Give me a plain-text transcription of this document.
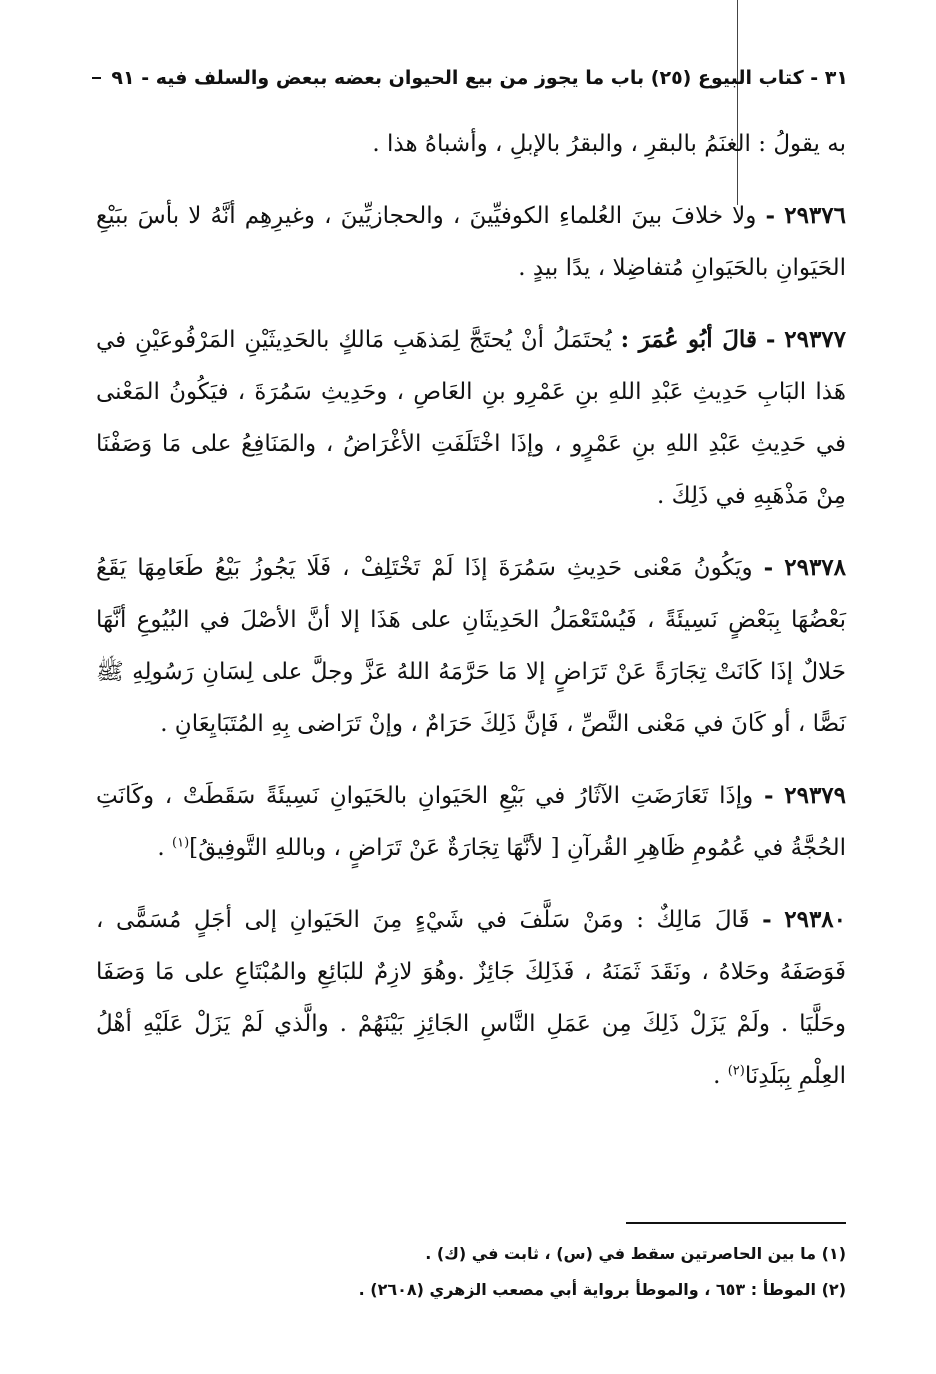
٣١ - كتاب البيوع (٢٥) باب ما يجوز من بيع الحيوان بعضه ببعض والسلف فيه - ٩١

به يقولُ : الغنَمُ بالبقرِ ، والبقرُ بالإبلِ ، وأشباهُ هذا .

٢٩٣٧٦ - ولا خلافَ بينَ العُلماءِ الكوفيِّينَ ، والحجازيِّينَ ، وغيرِهِم أنَّهُ لا بأسَ ببَيْعِ الحَيَوانِ بالحَيَوانِ مُتفاضِلا ، يدًا بيدٍ .

٢٩٣٧٧ - قالَ أبُو عُمَرَ : يُحتَمَلُ أنْ يُحتَجَّ لِمَذهَبِ مَالكٍ بالحَدِيثَيْنِ المَرْفُوعَيْنِ في هَذا البَابِ حَدِيثِ عَبْدِ اللهِ بنِ عَمْرِو بنِ العَاصِ ، وحَدِيثِ سَمُرَةَ ، فيَكُونُ المَعْنى في حَدِيثِ عَبْدِ اللهِ بنِ عَمْرٍو ، وإذَا اخْتَلَفَتِ الأغْرَاضُ ، والمَنَافِعُ على مَا وَصَفْنَا مِنْ مَذْهَبِهِ في ذَلِكَ .

٢٩٣٧٨ - ويَكُونُ مَعْنى حَدِيثِ سَمُرَةَ إذَا لَمْ تَخْتَلِفْ ، فَلَا يَجُوزُ بَيْعُ طَعَامِهَا يَقَعُ بَعْضُهَا بِبَعْضٍ نَسِيئَةً ، فَيُسْتَعْمَلُ الحَدِيثَانِ على هَذَا إلا أنَّ الأصْلَ في البُيُوعِ أنَّهَا حَلالٌ إذَا كَانَتْ تِجَارَةً عَنْ تَرَاضٍ إلا مَا حَرَّمَهُ اللهُ عَزَّ وجلَّ على لِسَانِ رَسُولِهِ ﷺ نَصًّا ، أو كَانَ في مَعْنى النَّصِّ ، فَإنَّ ذَلِكَ حَرَامٌ ، وإنْ تَرَاضى بِهِ المُتَبَايِعَانِ .

٢٩٣٧٩ - وإذَا تَعَارَضَتِ الآثَارُ في بَيْعِ الحَيَوانِ بالحَيَوانِ نَسِيئَةً سَقَطَتْ ، وكَانَتِ الحُجَّةُ في عُمُومِ ظَاهِرِ القُرآنِ [ لأنَّهَا تِجَارَةٌ عَنْ تَرَاضٍ ، وباللهِ التَّوفِيقُ]$^{(١)}$ .

٢٩٣٨٠ - قَالَ مَالِكٌ : ومَنْ سَلَّفَ في شَيْءٍ مِنَ الحَيَوانِ إلى أجَلٍ مُسَمًّى ، فَوَصَفَهُ وحَلاهُ ، ونَقَدَ ثَمَنَهُ ، فَذَلِكَ جَائِزٌ .وهُوَ لازِمٌ للبَائِعِ والمُبْتَاعِ على مَا وَصَفَا وحَلَّيَا . ولَمْ يَزَلْ ذَلِكَ مِن عَمَلِ النَّاسِ الجَائِزِ بَيْنَهُمْ . والَّذي لَمْ يَزَلْ عَلَيْهِ أهْلُ العِلْمِ بِبَلَدِنَا$^{(٢)}$ .

(١) ما بين الحاصرتين سقط في (س) ، ثابت في (ك) .

(٢) الموطأ : ٦٥٣ ، والموطأ برواية أبي مصعب الزهري (٢٦٠٨) .
